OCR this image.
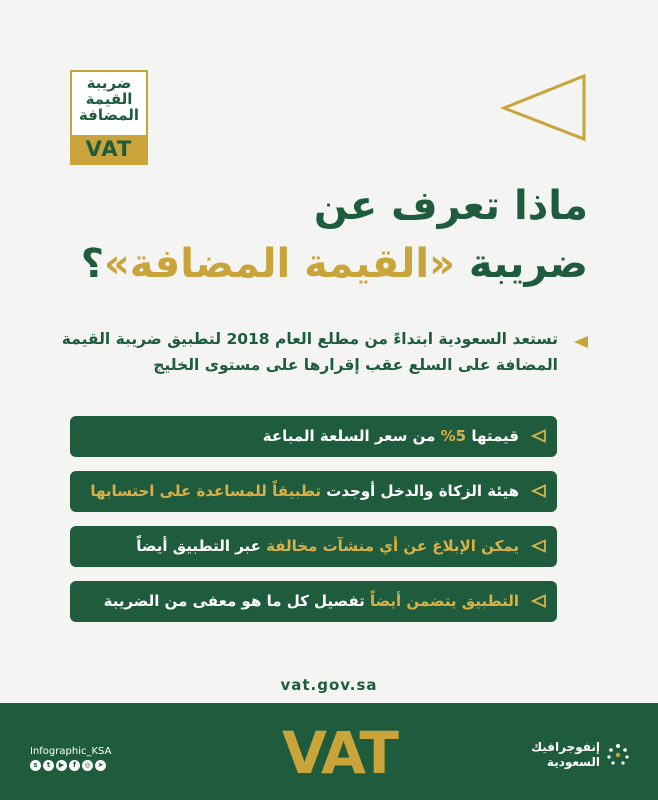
ضريبة
القيمة
المضافة
VAT
ماذا تعرف عن
ضريبة «القيمة المضافة»؟
تستعد السعودية ابتداءً من مطلع العام 2018 لتطبيق ضريبة القيمة
المضافة على السلع عقب إقرارها على مستوى الخليج
قيمتها 5% من سعر السلعة المباعة
هيئة الزكاة والدخل أوجدت تطبيقاً للمساعدة على احتسابها
يمكن الإبلاغ عن أي منشآت مخالفة عبر التطبيق أيضاً
التطبيق يتضمن أيضاً تفصيل كل ما هو معفى من الضريبة
vat.gov.sa
Infographic_KSA
s	t	▶	f	◎	➤	VAT	إنفوجرافيك
السعودية
